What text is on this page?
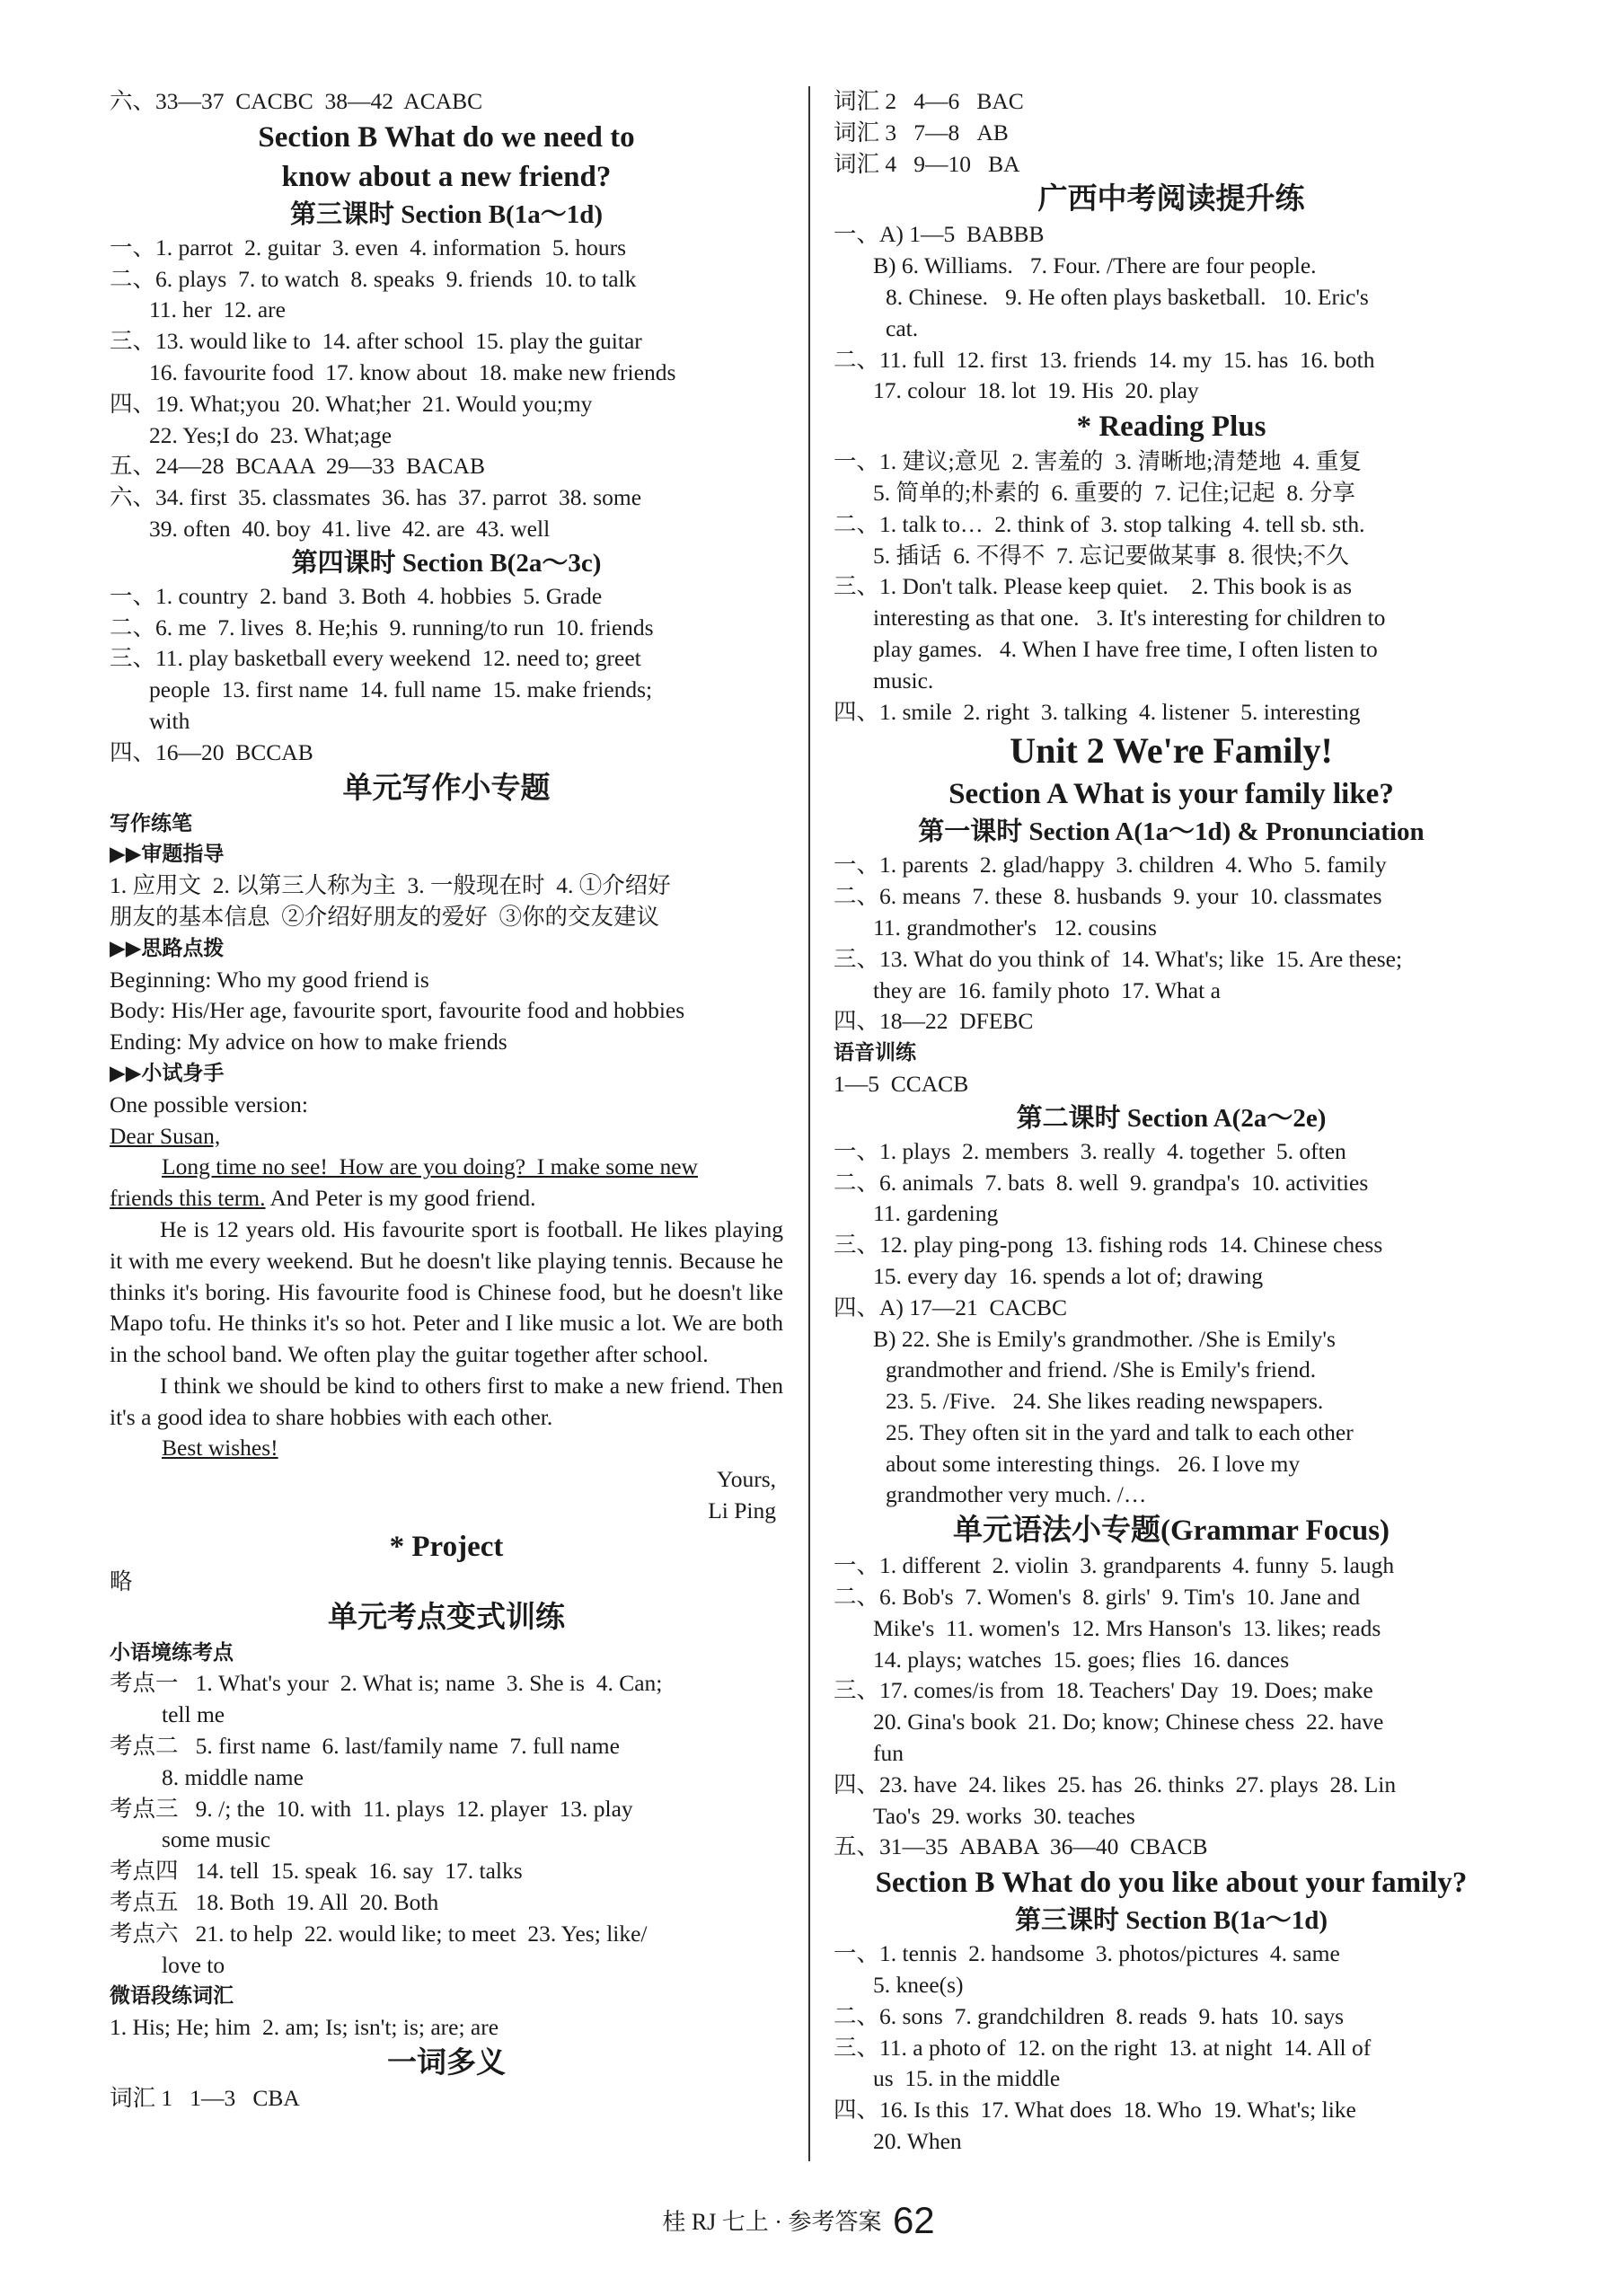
六、33—37  CACBC  38—42  ACABC
Section B What do we need to
know about a new friend?
第三课时 Section B(1a～1d)
一、1. parrot  2. guitar  3. even  4. information  5. hours
二、6. plays  7. to watch  8. speaks  9. friends  10. to talk
11. her  12. are
三、13. would like to  14. after school  15. play the guitar
16. favourite food  17. know about  18. make new friends
四、19. What;you  20. What;her  21. Would you;my
22. Yes;I do  23. What;age
五、24—28  BCAAA  29—33  BACAB
六、34. first  35. classmates  36. has  37. parrot  38. some
39. often  40. boy  41. live  42. are  43. well
第四课时 Section B(2a～3c)
一、1. country  2. band  3. Both  4. hobbies  5. Grade
二、6. me  7. lives  8. He;his  9. running/to run  10. friends
三、11. play basketball every weekend  12. need to; greet
people  13. first name  14. full name  15. make friends;
with
四、16—20  BCCAB
单元写作小专题
写作练笔
▶▶审题指导
1. 应用文  2. 以第三人称为主  3. 一般现在时  4. ①介绍好
朋友的基本信息  ②介绍好朋友的爱好  ③你的交友建议
▶▶思路点拨
Beginning: Who my good friend is
Body: His/Her age, favourite sport, favourite food and hobbies
Ending: My advice on how to make friends
▶▶小试身手
One possible version:
Dear Susan,
Long time no see!  How are you doing?  I make some new
friends this term. And Peter is my good friend.
He is 12 years old. His favourite sport is football. He likes playing it with me every weekend. But he doesn't like playing tennis. Because he thinks it's boring. His favourite food is Chinese food, but he doesn't like Mapo tofu. He thinks it's so hot. Peter and I like music a lot. We are both in the school band. We often play the guitar together after school.
I think we should be kind to others first to make a new friend. Then it's a good idea to share hobbies with each other.
Best wishes!
Yours,
Li Ping
* Project
略
单元考点变式训练
小语境练考点
考点一   1. What's your  2. What is; name  3. She is  4. Can;
tell me
考点二   5. first name  6. last/family name  7. full name
8. middle name
考点三   9. /; the  10. with  11. plays  12. player  13. play
some music
考点四   14. tell  15. speak  16. say  17. talks
考点五   18. Both  19. All  20. Both
考点六   21. to help  22. would like; to meet  23. Yes; like/
love to
微语段练词汇
1. His; He; him  2. am; Is; isn't; is; are; are
一词多义
词汇 1   1—3   CBA
词汇 2   4—6   BAC
词汇 3   7—8   AB
词汇 4   9—10   BA
广西中考阅读提升练
一、A) 1—5  BABBB
B) 6. Williams.   7. Four. /There are four people.
8. Chinese.   9. He often plays basketball.   10. Eric's
cat.
二、11. full  12. first  13. friends  14. my  15. has  16. both
17. colour  18. lot  19. His  20. play
* Reading Plus
一、1. 建议;意见  2. 害羞的  3. 清晰地;清楚地  4. 重复
5. 简单的;朴素的  6. 重要的  7. 记住;记起  8. 分享
二、1. talk to…  2. think of  3. stop talking  4. tell sb. sth.
5. 插话  6. 不得不  7. 忘记要做某事  8. 很快;不久
三、1. Don't talk. Please keep quiet.    2. This book is as
interesting as that one.   3. It's interesting for children to
play games.   4. When I have free time, I often listen to
music.
四、1. smile  2. right  3. talking  4. listener  5. interesting
Unit 2 We're Family!
Section A What is your family like?
第一课时 Section A(1a～1d) & Pronunciation
一、1. parents  2. glad/happy  3. children  4. Who  5. family
二、6. means  7. these  8. husbands  9. your  10. classmates
11. grandmother's   12. cousins
三、13. What do you think of  14. What's; like  15. Are these;
they are  16. family photo  17. What a
四、18—22  DFEBC
语音训练
1—5  CCACB
第二课时 Section A(2a～2e)
一、1. plays  2. members  3. really  4. together  5. often
二、6. animals  7. bats  8. well  9. grandpa's  10. activities
11. gardening
三、12. play ping-pong  13. fishing rods  14. Chinese chess
15. every day  16. spends a lot of; drawing
四、A) 17—21  CACBC
B) 22. She is Emily's grandmother. /She is Emily's
grandmother and friend. /She is Emily's friend.
23. 5. /Five.   24. She likes reading newspapers.
25. They often sit in the yard and talk to each other
about some interesting things.   26. I love my
grandmother very much. /…
单元语法小专题(Grammar Focus)
一、1. different  2. violin  3. grandparents  4. funny  5. laugh
二、6. Bob's  7. Women's  8. girls'  9. Tim's  10. Jane and
Mike's  11. women's  12. Mrs Hanson's  13. likes; reads
14. plays; watches  15. goes; flies  16. dances
三、17. comes/is from  18. Teachers' Day  19. Does; make
20. Gina's book  21. Do; know; Chinese chess  22. have
fun
四、23. have  24. likes  25. has  26. thinks  27. plays  28. Lin
Tao's  29. works  30. teaches
五、31—35  ABABA  36—40  CBACB
Section B What do you like about your family?
第三课时 Section B(1a～1d)
一、1. tennis  2. handsome  3. photos/pictures  4. same
5. knee(s)
二、6. sons  7. grandchildren  8. reads  9. hats  10. says
三、11. a photo of  12. on the right  13. at night  14. All of
us  15. in the middle
四、16. Is this  17. What does  18. Who  19. What's; like
20. When
桂 RJ 七上 · 参考答案 62
